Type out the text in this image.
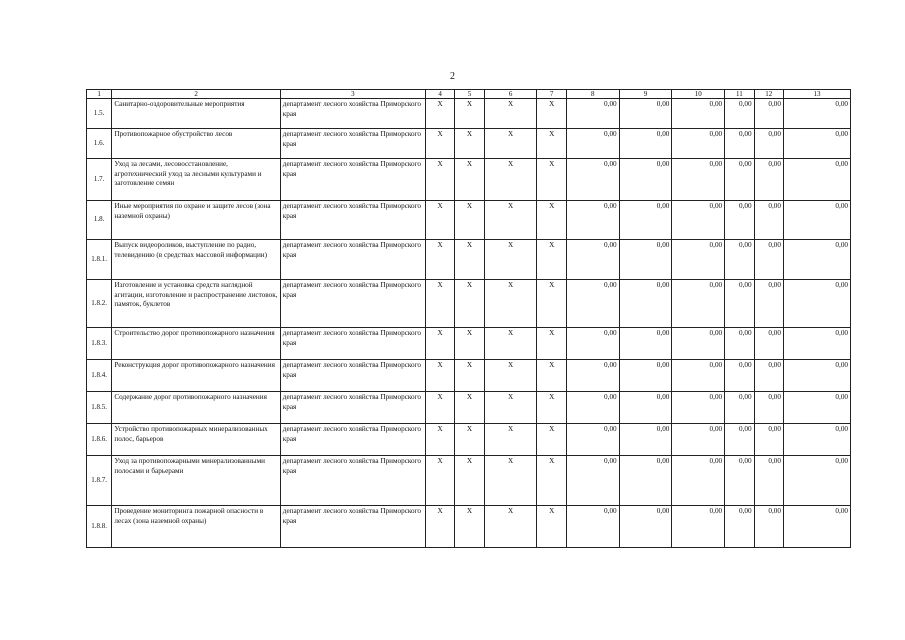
2
1	2	3	4	5	6	7	8	9	10	11	12	13
1.5.	Санитарно-оздоровительные мероприятия	департамент лесного хозяйства Приморского края	X	X	X	X	0,00	0,00	0,00	0,00	0,00	0,00
1.6.	Противопожарное обустройство лесов	департамент лесного хозяйства Приморского края	X	X	X	X	0,00	0,00	0,00	0,00	0,00	0,00
1.7.	Уход за лесами, лесовосстановление, агротехнический уход за лесными культурами и заготовление семян	департамент лесного хозяйства Приморского края	X	X	X	X	0,00	0,00	0,00	0,00	0,00	0,00
1.8.	Иные мероприятия по охране и защите лесов (зона наземной охраны)	департамент лесного хозяйства Приморского края	X	X	X	X	0,00	0,00	0,00	0,00	0,00	0,00
1.8.1.	Выпуск видеороликов, выступление по радио, телевидению (в средствах массовой информации)	департамент лесного хозяйства Приморского края	X	X	X	X	0,00	0,00	0,00	0,00	0,00	0,00
1.8.2.	Изготовление и установка средств наглядной агитации, изготовление и распространение листовок, памяток, буклетов	департамент лесного хозяйства Приморского края	X	X	X	X	0,00	0,00	0,00	0,00	0,00	0,00
1.8.3.	Строительство дорог противопожарного назначения	департамент лесного хозяйства Приморского края	X	X	X	X	0,00	0,00	0,00	0,00	0,00	0,00
1.8.4.	Реконструкция дорог противопожарного назначения	департамент лесного хозяйства Приморского края	X	X	X	X	0,00	0,00	0,00	0,00	0,00	0,00
1.8.5.	Содержание дорог противопожарного назначения	департамент лесного хозяйства Приморского края	X	X	X	X	0,00	0,00	0,00	0,00	0,00	0,00
1.8.6.	Устройство противопожарных минерализованных полос, барьеров	департамент лесного хозяйства Приморского края	X	X	X	X	0,00	0,00	0,00	0,00	0,00	0,00
1.8.7.	Уход за противопожарными минерализованными полосами и барьерами	департамент лесного хозяйства Приморского края	X	X	X	X	0,00	0,00	0,00	0,00	0,00	0,00
1.8.8.	Проведение мониторинга пожарной опасности в лесах (зона наземной охраны)	департамент лесного хозяйства Приморского края	X	X	X	X	0,00	0,00	0,00	0,00	0,00	0,00
